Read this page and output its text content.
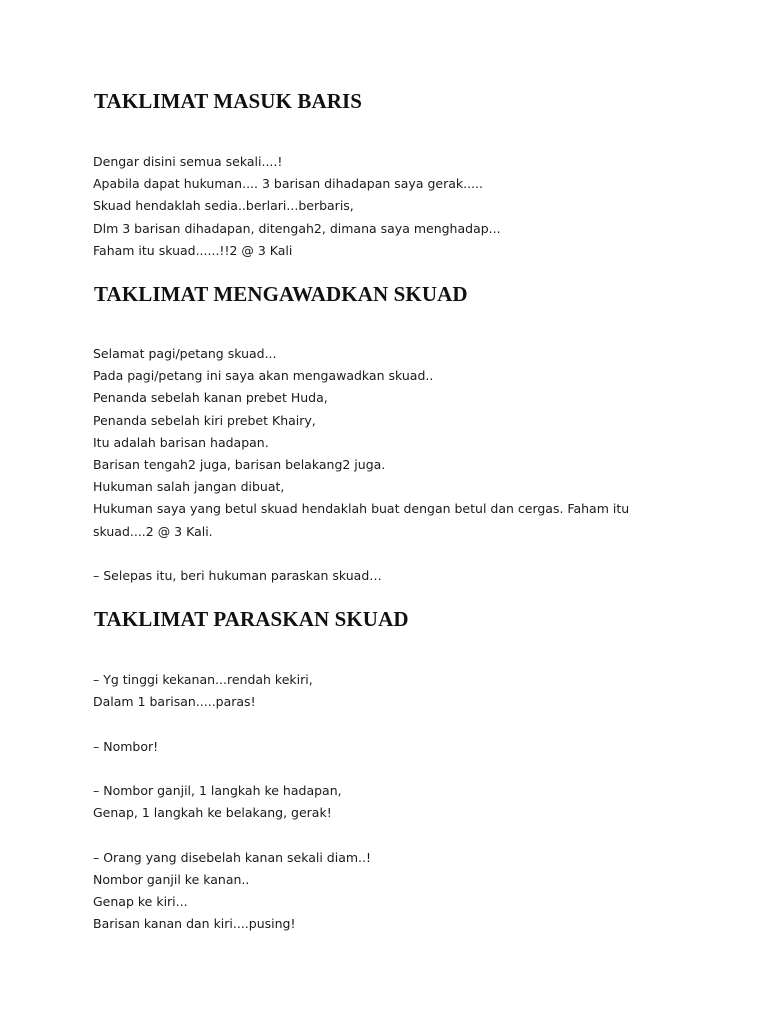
TAKLIMAT MASUK BARIS
Dengar disini semua sekali....!
Apabila dapat hukuman.... 3 barisan dihadapan saya gerak.....
Skuad hendaklah sedia..berlari...berbaris,
Dlm 3 barisan dihadapan, ditengah2, dimana saya menghadap...
Faham itu skuad......!!2 @ 3 Kali
TAKLIMAT MENGAWADKAN SKUAD
Selamat pagi/petang skuad...
Pada pagi/petang ini saya akan mengawadkan skuad..
Penanda sebelah kanan prebet Huda,
Penanda sebelah kiri prebet Khairy,
Itu adalah barisan hadapan.
Barisan tengah2 juga, barisan belakang2 juga.
Hukuman salah jangan dibuat,
Hukuman saya yang betul skuad hendaklah buat dengan betul dan cergas. Faham itu skuad....2 @ 3 Kali.
– Selepas itu, beri hukuman paraskan skuad…
TAKLIMAT PARASKAN SKUAD
– Yg tinggi kekanan...rendah kekiri,
Dalam 1 barisan.....paras!
– Nombor!
– Nombor ganjil, 1 langkah ke hadapan,
Genap, 1 langkah ke belakang, gerak!
– Orang yang disebelah kanan sekali diam..!
Nombor ganjil ke kanan..
Genap ke kiri...
Barisan kanan dan kiri....pusing!
